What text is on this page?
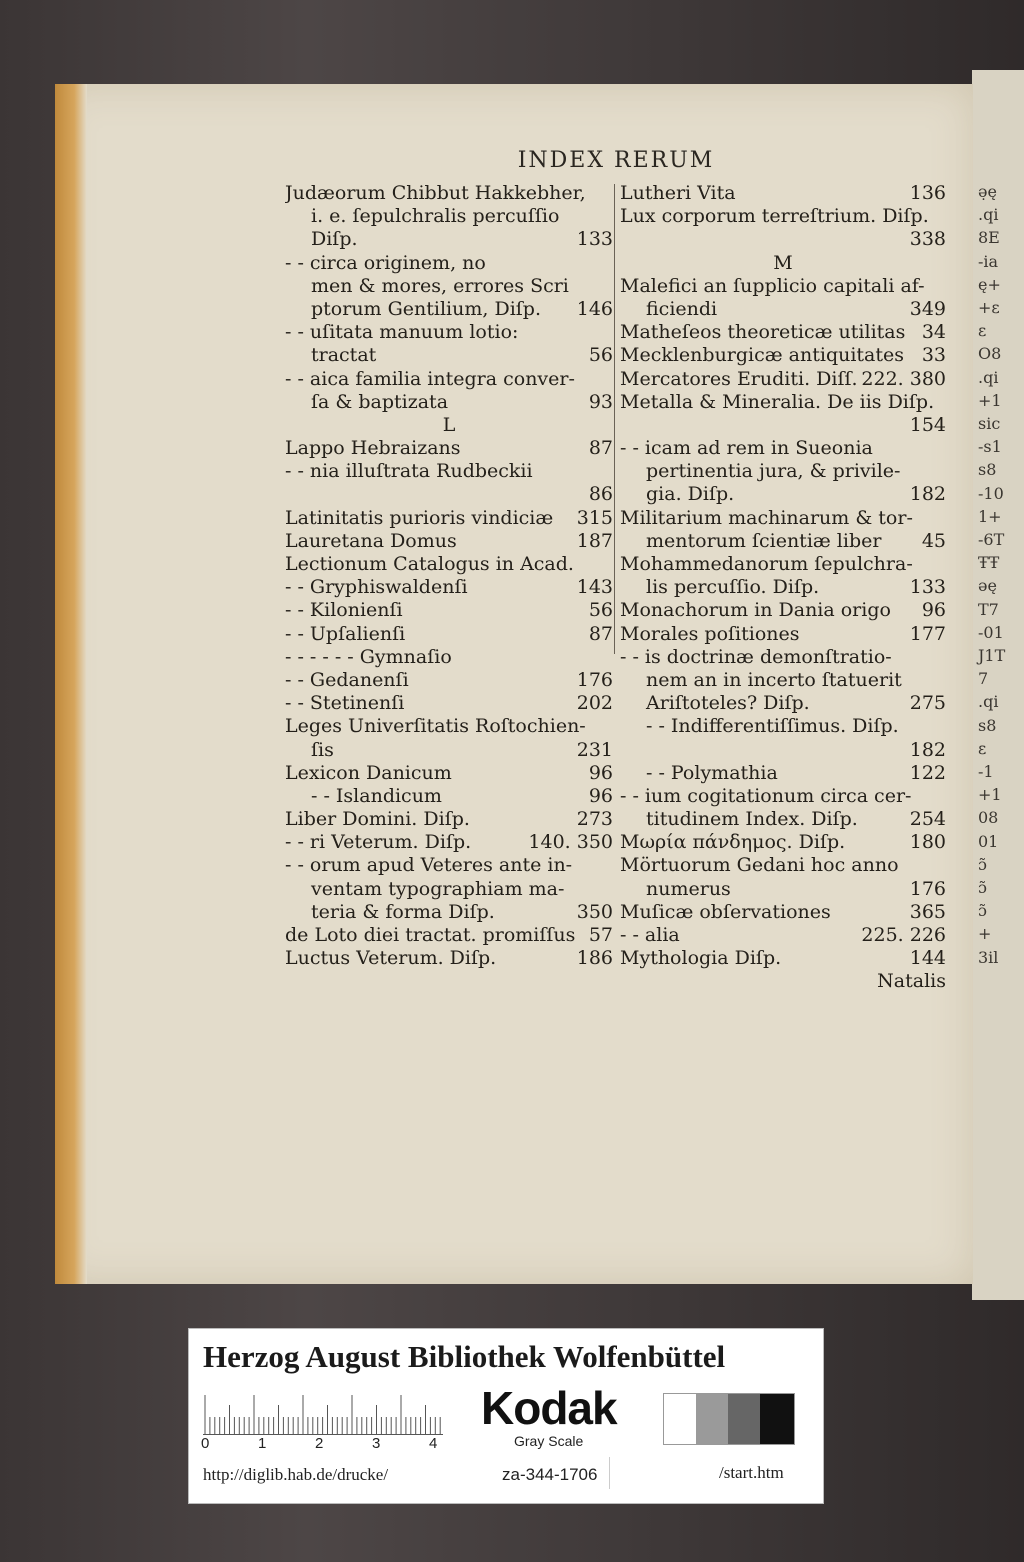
ə̣ę
.qi
8E
-ia
ę+
+ε
ε
O8
.qi
+1
sic
-s1
s8
-10
1+
-6T
ŦŦ
əę
T7
-01
J1T
7
.qi
s8
ε
-1
+1
08
01
ɔ̃
ɔ̃
ɔ̃
+
3il
INDEX RERUM
Judæorum Chibbut Hakkebher,
i. e. ſepulchralis percuſſio
Diſp.	133
- - circa originem, no
men & mores, errores Scri
ptorum Gentilium, Diſp. 146
- - uſitata manuum lotio:
tractat	56
- - aica familia integra conver-
ſa & baptizata	93
L
Lappo Hebraizans	87
- - nia illuſtrata Rudbeckii
86
Latinitatis purioris vindiciæ 315
Lauretana Domus	187
Lectionum Catalogus in Acad.
- - Gryphiswaldenſi	143
- - Kilonienſi	56
- - Upſalienſi	87
- - - - - - Gymnaſio
- - Gedanenſi	176
- - Stetinenſi	202
Leges Univerſitatis Roſtochien-
ſis	231
Lexicon Danicum	96
- - Islandicum	96
Liber Domini. Diſp.	273
- - ri Veterum. Diſp.	140. 350
- - orum apud Veteres ante in-
ventam typographiam ma-
teria & forma Diſp.	350
de Loto diei tractat. promiſſus 57
Luctus Veterum. Diſp.	186
Lutheri Vita	136
Lux corporum terreſtrium. Diſp.
338
M
Malefici an ſupplicio capitali af-
ficiendi	349
Matheſeos theoreticæ utilitas 34
Mecklenburgicæ antiquitates 33
Mercatores Eruditi. Diſſ. 222. 380
Metalla & Mineralia. De iis Diſp.
154
- - icam ad rem in Sueonia
pertinentia jura, & privile-
gia. Diſp.	182
Militarium machinarum & tor-
mentorum ſcientiæ liber 45
Mohammedanorum ſepulchra-
lis percuſſio. Diſp.	133
Monachorum in Dania origo 96
Morales poſitiones	177
- - is doctrinæ demonſtratio-
nem an in incerto ſtatuerit
Ariſtoteles? Diſp.	275
- - Indifferentiſſimus. Diſp.
182
- - Polymathia	122
- - ium cogitationum circa cer-
titudinem Index. Diſp.	254
Μωρία πάνδημος. Diſp.	180
Mörtuorum Gedani hoc anno
numerus	176
Muſicæ obſervationes	365
- - alia	225. 226
Mythologia Diſp.	144
Natalis
Herzog August Bibliothek Wolfenbüttel
0	1	2	3	4
Kodak
Gray Scale
http://diglib.hab.de/drucke/	za-344-1706	/start.htm
